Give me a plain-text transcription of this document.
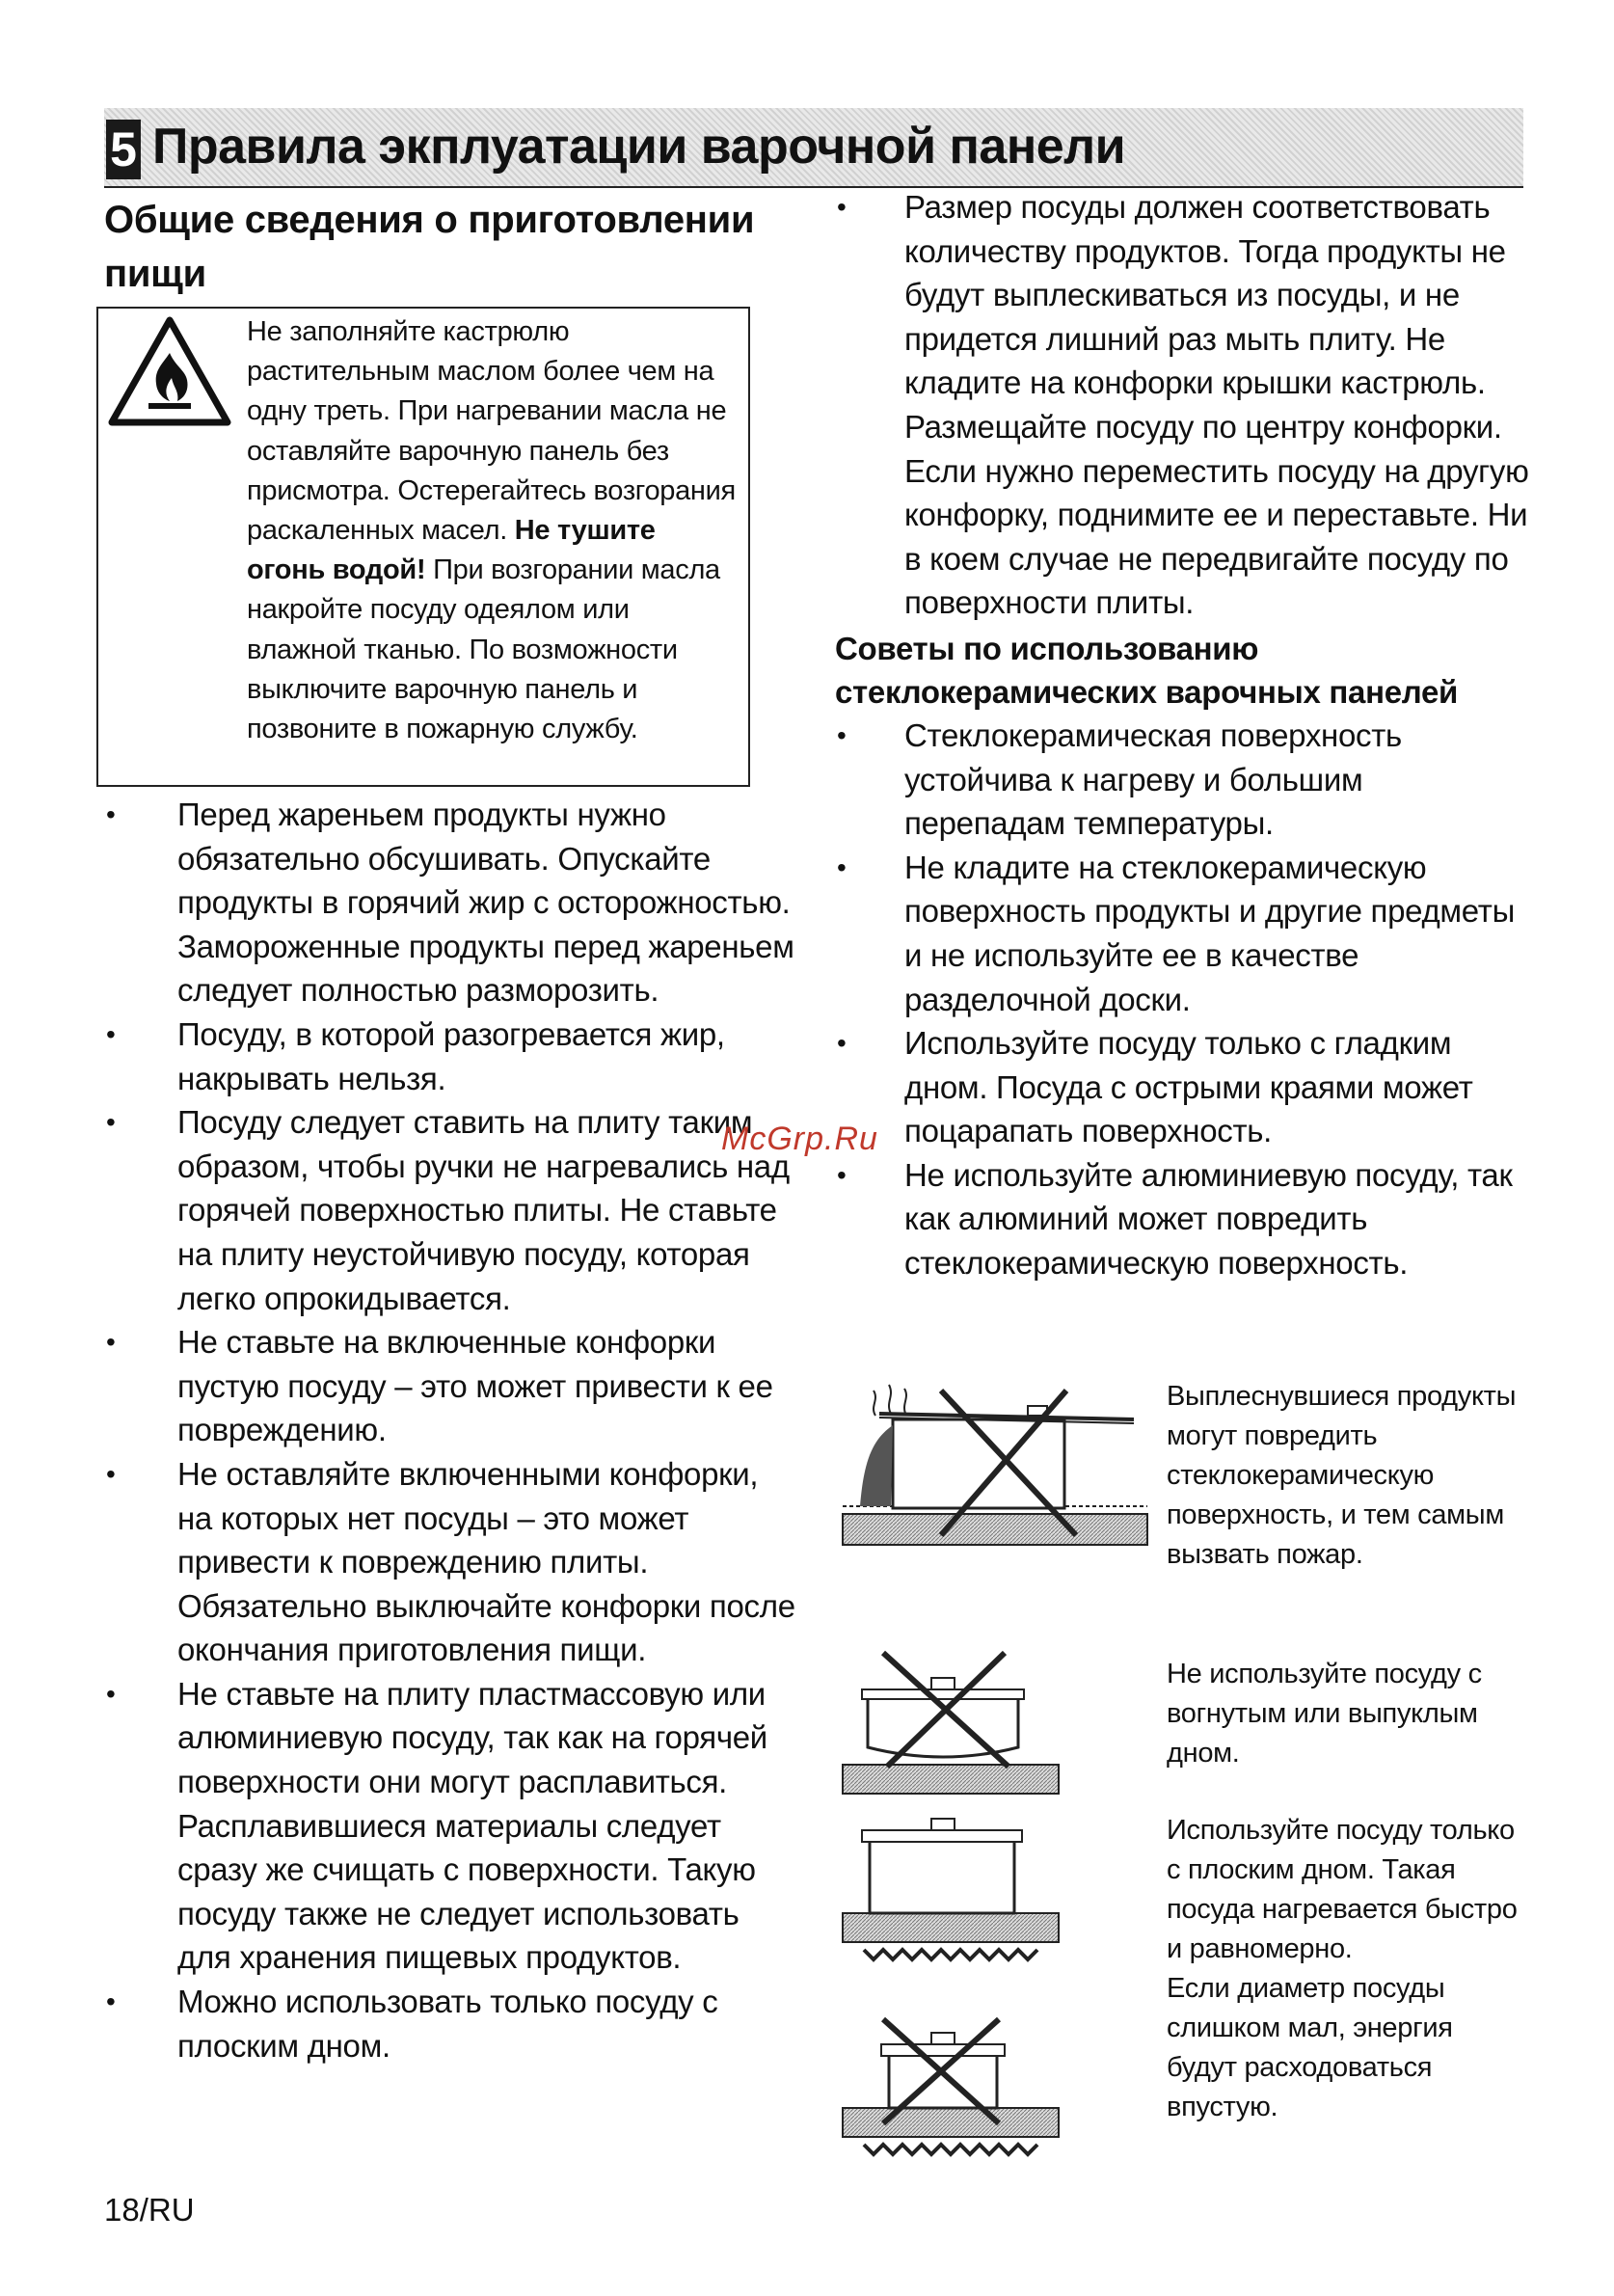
5 Правила экплуатации варочной панели
Общие сведения о приготовлении пищи
Не заполняйте кастрюлю растительным маслом более чем на одну треть. При нагревании масла не оставляйте варочную панель без присмотра. Остерегайтесь возгорания раскаленных масел. Не тушите огонь водой! При возгорании масла накройте посуду одеялом или влажной тканью. По возможности выключите варочную панель и позвоните в пожарную службу.
• Перед жареньем продукты нужно обязательно обсушивать. Опускайте продукты в горячий жир с осторожностью. Замороженные продукты перед жареньем следует полностью разморозить.
• Посуду, в которой разогревается жир, накрывать нельзя.
• Посуду следует ставить на плиту таким образом, чтобы ручки не нагревались над горячей поверхностью плиты. Не ставьте на плиту неустойчивую посуду, которая легко опрокидывается.
• Не ставьте на включенные конфорки пустую посуду – это может привести к ее повреждению.
• Не оставляйте включенными конфорки, на которых нет посуды – это может привести к повреждению плиты. Обязательно выключайте конфорки после окончания приготовления пищи.
• Не ставьте на плиту пластмассовую или алюминиевую посуду, так как на горячей поверхности они могут расплавиться. Расплавившиеся материалы следует сразу же счищать с поверхности. Такую посуду также не следует использовать для хранения пищевых продуктов.
• Можно использовать только посуду с плоским дном.
• Размер посуды должен соответствовать количеству продуктов. Тогда продукты не будут выплескиваться из посуды, и не придется лишний раз мыть плиту. Не кладите на конфорки крышки кастрюль. Размещайте посуду по центру конфорки. Если нужно переместить посуду на другую конфорку, поднимите ее и переставьте. Ни в коем случае не передвигайте посуду по поверхности плиты.
Советы по использованию стеклокерамических варочных панелей
• Стеклокерамическая поверхность устойчива к нагреву и большим перепадам температуры.
• Не кладите на стеклокерамическую поверхность продукты и другие предметы и не используйте ее в качестве разделочной доски.
• Используйте посуду только с гладким дном. Посуда с острыми краями может поцарапать поверхность.
• Не используйте алюминиевую посуду, так как алюминий может повредить стеклокерамическую поверхность.
Выплеснувшиеся продукты могут повредить стеклокерамическую поверхность, и тем самым вызвать пожар.
Не используйте посуду с вогнутым или выпуклым дном.
Используйте посуду только с плоским дном. Такая посуда нагревается быстро и равномерно.
Если диаметр посуды слишком мал, энергия будут расходоваться впустую.
McGrp.Ru
18/RU
